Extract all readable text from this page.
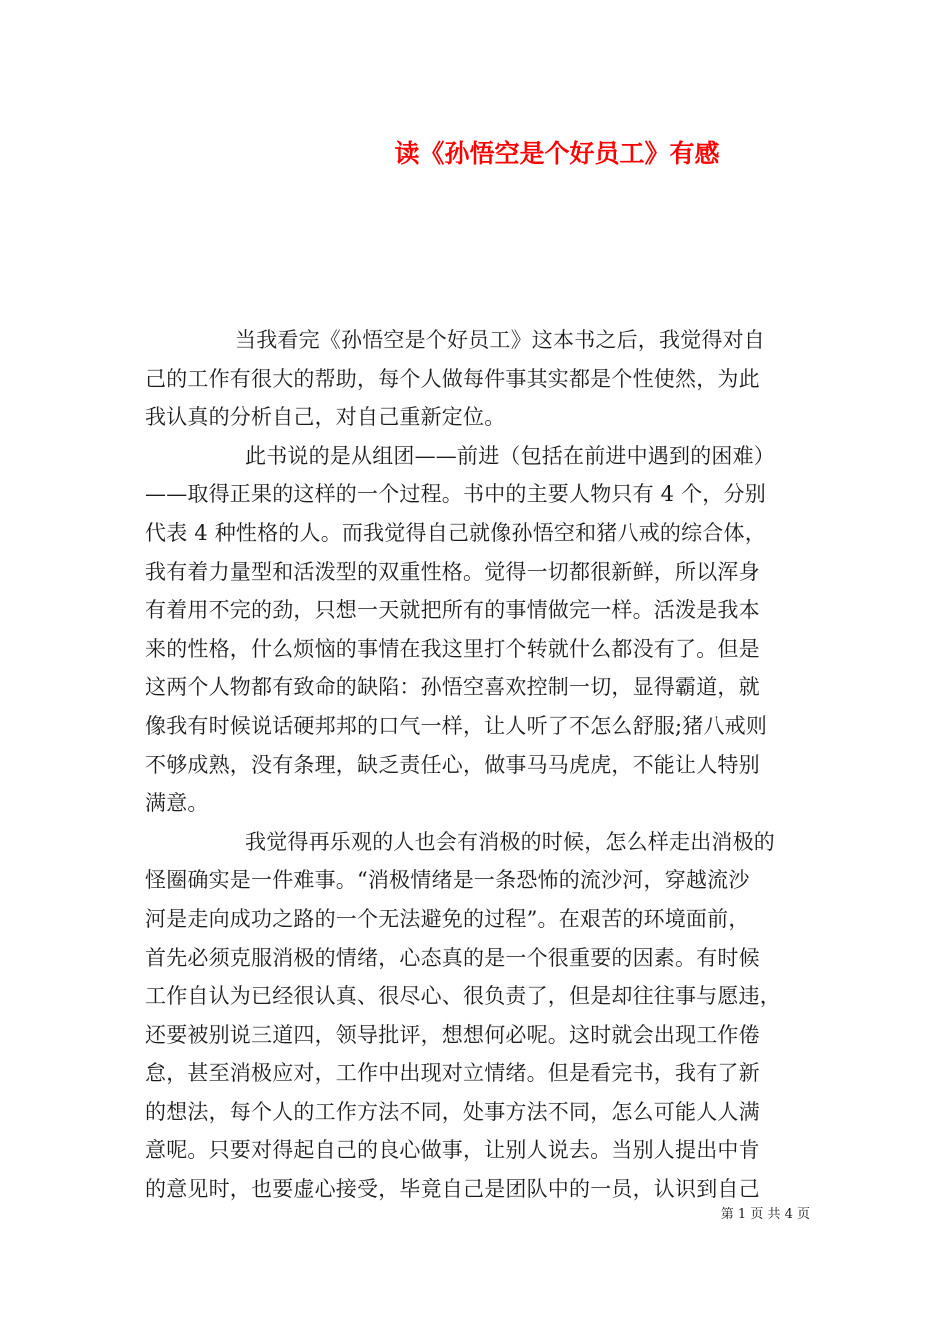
读《孙悟空是个好员工》有感
当我看完《孙悟空是个好员工》这本书之后，我觉得对自
己的工作有很大的帮助，每个人做每件事其实都是个性使然，为此
我认真的分析自己，对自己重新定位。
此书说的是从组团——前进（包括在前进中遇到的困难）
——取得正果的这样的一个过程。书中的主要人物只有 4 个，分别
代表 4 种性格的人。而我觉得自己就像孙悟空和猪八戒的综合体，
我有着力量型和活泼型的双重性格。觉得一切都很新鲜，所以浑身
有着用不完的劲，只想一天就把所有的事情做完一样。活泼是我本
来的性格，什么烦恼的事情在我这里打个转就什么都没有了。但是
这两个人物都有致命的缺陷：孙悟空喜欢控制一切，显得霸道，就
像我有时候说话硬邦邦的口气一样，让人听了不怎么舒服;猪八戒则
不够成熟，没有条理，缺乏责任心，做事马马虎虎，不能让人特别
满意。
我觉得再乐观的人也会有消极的时候，怎么样走出消极的
怪圈确实是一件难事。“消极情绪是一条恐怖的流沙河，穿越流沙
河是走向成功之路的一个无法避免的过程”。在艰苦的环境面前，
首先必须克服消极的情绪，心态真的是一个很重要的因素。有时候
工作自认为已经很认真、很尽心、很负责了，但是却往往事与愿违，
还要被别说三道四，领导批评，想想何必呢。这时就会出现工作倦
怠，甚至消极应对，工作中出现对立情绪。但是看完书，我有了新
的想法，每个人的工作方法不同，处事方法不同，怎么可能人人满
意呢。只要对得起自己的良心做事，让别人说去。当别人提出中肯
的意见时，也要虚心接受，毕竟自己是团队中的一员，认识到自己
第 1 页 共 4 页
